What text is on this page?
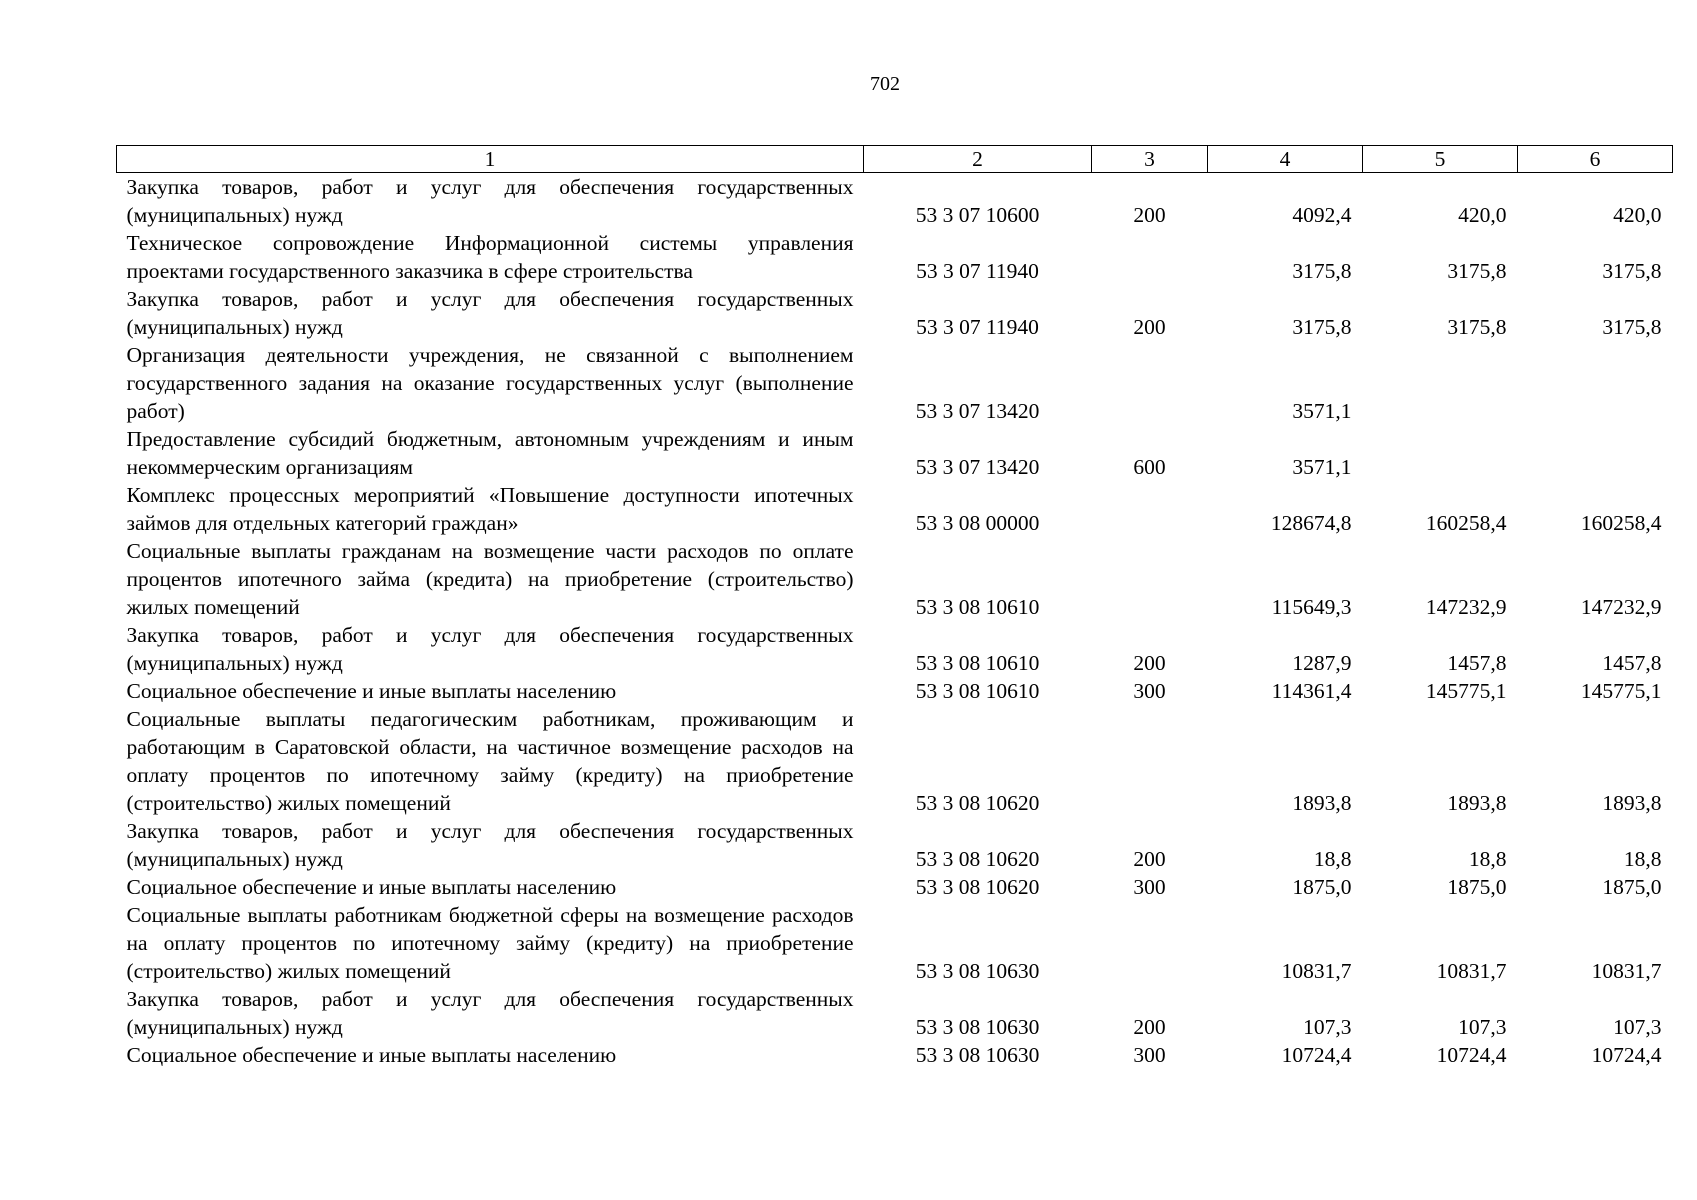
702
1	2	3	4	5	6
Закупка товаров, работ и услуг для обеспечения государственных (муниципальных) нужд	53 3 07 10600	200	4092,4	420,0	420,0
Техническое сопровождение Информационной системы управления проектами государственного заказчика в сфере строительства	53 3 07 11940		3175,8	3175,8	3175,8
Закупка товаров, работ и услуг для обеспечения государственных (муниципальных) нужд	53 3 07 11940	200	3175,8	3175,8	3175,8
Организация деятельности учреждения, не связанной с выполнением государственного задания на оказание государственных услуг (выполнение работ)	53 3 07 13420		3571,1		
Предоставление субсидий бюджетным, автономным учреждениям и иным некоммерческим организациям	53 3 07 13420	600	3571,1		
Комплекс процессных мероприятий «Повышение доступности ипотечных займов для отдельных категорий граждан»	53 3 08 00000		128674,8	160258,4	160258,4
Социальные выплаты гражданам на возмещение части расходов по оплате процентов ипотечного займа (кредита) на приобретение (строительство) жилых помещений	53 3 08 10610		115649,3	147232,9	147232,9
Закупка товаров, работ и услуг для обеспечения государственных (муниципальных) нужд	53 3 08 10610	200	1287,9	1457,8	1457,8
Социальное обеспечение и иные выплаты населению	53 3 08 10610	300	114361,4	145775,1	145775,1
Социальные выплаты педагогическим работникам, проживающим и работающим в Саратовской области, на частичное возмещение расходов на оплату процентов по ипотечному займу (кредиту) на приобретение (строительство) жилых помещений	53 3 08 10620		1893,8	1893,8	1893,8
Закупка товаров, работ и услуг для обеспечения государственных (муниципальных) нужд	53 3 08 10620	200	18,8	18,8	18,8
Социальное обеспечение и иные выплаты населению	53 3 08 10620	300	1875,0	1875,0	1875,0
Социальные выплаты работникам бюджетной сферы на возмещение расходов на оплату процентов по ипотечному займу (кредиту) на приобретение (строительство) жилых помещений	53 3 08 10630		10831,7	10831,7	10831,7
Закупка товаров, работ и услуг для обеспечения государственных (муниципальных) нужд	53 3 08 10630	200	107,3	107,3	107,3
Социальное обеспечение и иные выплаты населению	53 3 08 10630	300	10724,4	10724,4	10724,4
